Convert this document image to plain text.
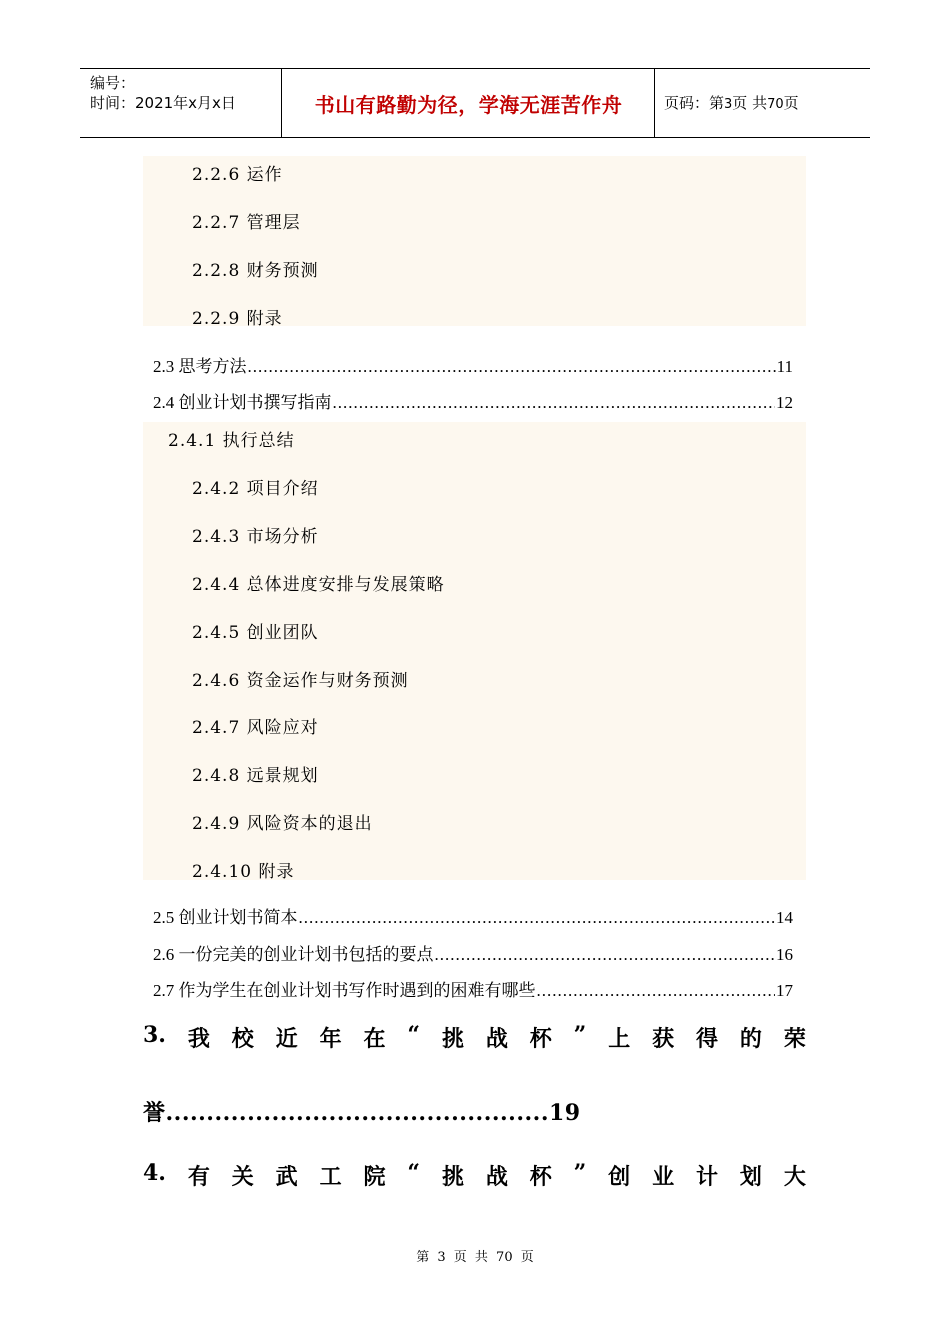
编号：
时间：2021年x月x日	书山有路勤为径，学海无涯苦作舟	页码：第3页 共70页
2.2.6 运作
2.2.7 管理层
2.2.8 财务预测
2.2.9 附录
2.3 思考方法 .....	11
2.4 创业计划书撰写指南 .....	12
2.4.1 执行总结
2.4.2 项目介绍
2.4.3 市场分析
2.4.4 总体进度安排与发展策略
2.4.5 创业团队
2.4.6 资金运作与财务预测
2.4.7 风险应对
2.4.8 远景规划
2.4.9 风险资本的退出
2.4.10 附录
2.5 创业计划书简本 .....	14
2.6 一份完美的创业计划书包括的要点 .....	16
2.7 作为学生在创业计划书写作时遇到的困难有哪些 .....	17
3. 我 校 近 年 在 “ 挑 战 杯 ” 上 获 得 的 荣
誉...............................................19
4. 有 关 武 工 院 “ 挑 战 杯 ” 创 业 计 划 大
第 3 页 共 70 页
